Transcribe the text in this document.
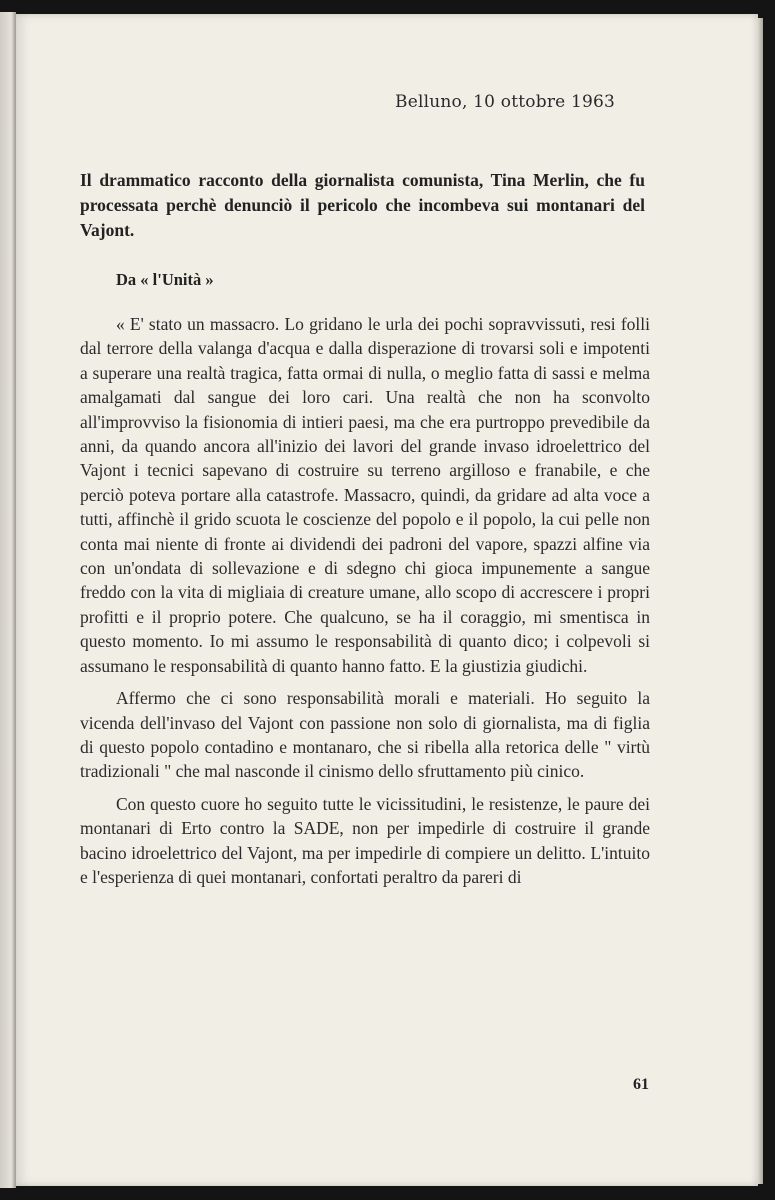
Belluno, 10 ottobre 1963

Il drammatico racconto della giornalista comunista, Tina Merlin, che fu processata perchè denunciò il pericolo che incombeva sui montanari del Vajont.

Da « l'Unità »

« E' stato un massacro. Lo gridano le urla dei pochi sopravvissuti, resi folli dal terrore della valanga d'acqua e dalla disperazione di trovarsi soli e impotenti a superare una realtà tragica, fatta ormai di nulla, o meglio fatta di sassi e melma amalgamati dal sangue dei loro cari. Una realtà che non ha sconvolto all'improvviso la fisionomia di intieri paesi, ma che era purtroppo prevedibile da anni, da quando ancora all'inizio dei lavori del grande invaso idroelettrico del Vajont i tecnici sapevano di costruire su terreno argilloso e franabile, e che perciò poteva portare alla catastrofe. Massacro, quindi, da gridare ad alta voce a tutti, affinchè il grido scuota le coscienze del popolo e il popolo, la cui pelle non conta mai niente di fronte ai dividendi dei padroni del vapore, spazzi alfine via con un'ondata di sollevazione e di sdegno chi gioca impunemente a sangue freddo con la vita di migliaia di creature umane, allo scopo di accrescere i propri profitti e il proprio potere. Che qualcuno, se ha il coraggio, mi smentisca in questo momento. Io mi assumo le responsabilità di quanto dico; i colpevoli si assumano le responsabilità di quanto hanno fatto. E la giustizia giudichi.

Affermo che ci sono responsabilità morali e materiali. Ho seguito la vicenda dell'invaso del Vajont con passione non solo di giornalista, ma di figlia di questo popolo contadino e montanaro, che si ribella alla retorica delle " virtù tradizionali " che mal nasconde il cinismo dello sfruttamento più cinico.

Con questo cuore ho seguito tutte le vicissitudini, le resistenze, le paure dei montanari di Erto contro la SADE, non per impedirle di costruire il grande bacino idroelettrico del Vajont, ma per impedirle di compiere un delitto. L'intuito e l'esperienza di quei montanari, confortati peraltro da pareri di

61
